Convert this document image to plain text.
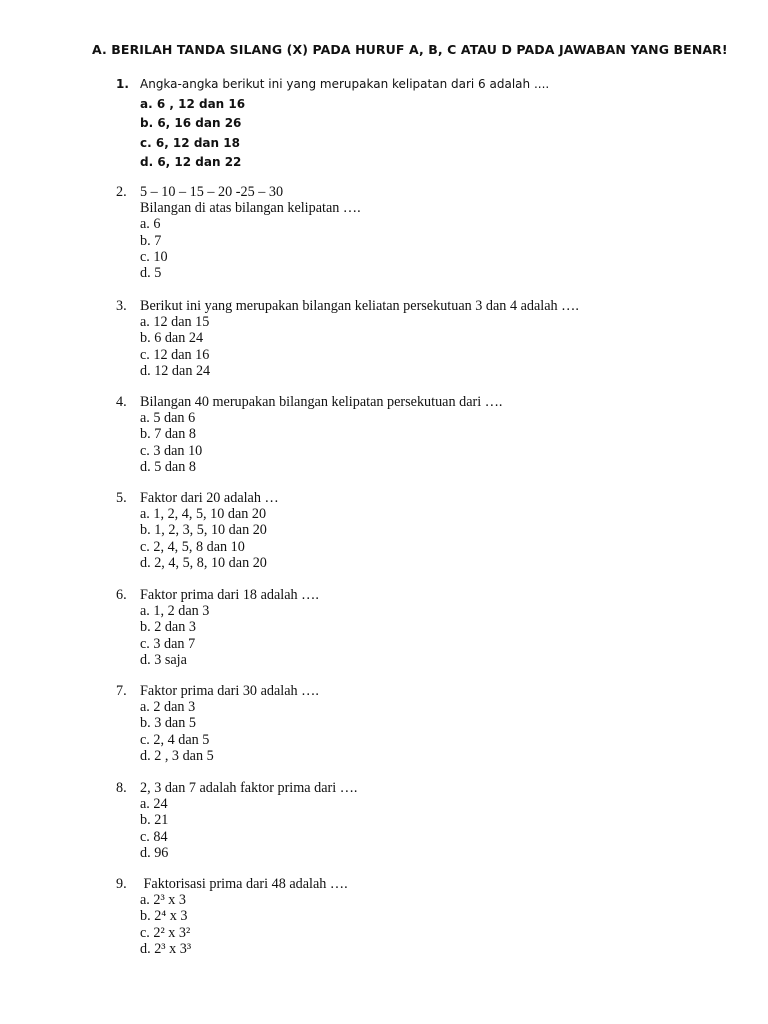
A. BERILAH TANDA SILANG (X) PADA HURUF A, B, C ATAU D PADA JAWABAN YANG BENAR!
1. Angka-angka berikut ini yang merupakan kelipatan dari 6 adalah ....
a. 6 , 12 dan 16
b. 6, 16 dan 26
c. 6, 12 dan 18
d. 6, 12 dan 22
2. 5 – 10 – 15 – 20 -25 – 30
Bilangan di atas bilangan kelipatan ….
a. 6
b. 7
c. 10
d. 5
3. Berikut ini yang merupakan bilangan keliatan persekutuan 3 dan 4 adalah ….
a. 12 dan 15
b. 6 dan 24
c. 12 dan 16
d. 12 dan 24
4. Bilangan 40 merupakan bilangan kelipatan persekutuan dari ….
a. 5 dan 6
b. 7 dan 8
c. 3 dan 10
d. 5 dan 8
5. Faktor dari 20 adalah …
a. 1, 2, 4, 5, 10 dan 20
b. 1, 2, 3, 5, 10 dan 20
c. 2, 4, 5, 8 dan 10
d. 2, 4, 5, 8, 10 dan 20
6. Faktor prima dari 18 adalah ….
a. 1, 2 dan 3
b. 2 dan 3
c. 3 dan 7
d. 3 saja
7. Faktor prima dari 30 adalah ….
a. 2 dan 3
b. 3 dan 5
c. 2, 4 dan 5
d. 2 , 3 dan 5
8. 2, 3 dan 7 adalah faktor prima dari ….
a. 24
b. 21
c. 84
d. 96
9. Faktorisasi prima dari 48 adalah ….
a. 2³ x 3
b. 2⁴ x 3
c. 2² x 3²
d. 2³ x 3³
